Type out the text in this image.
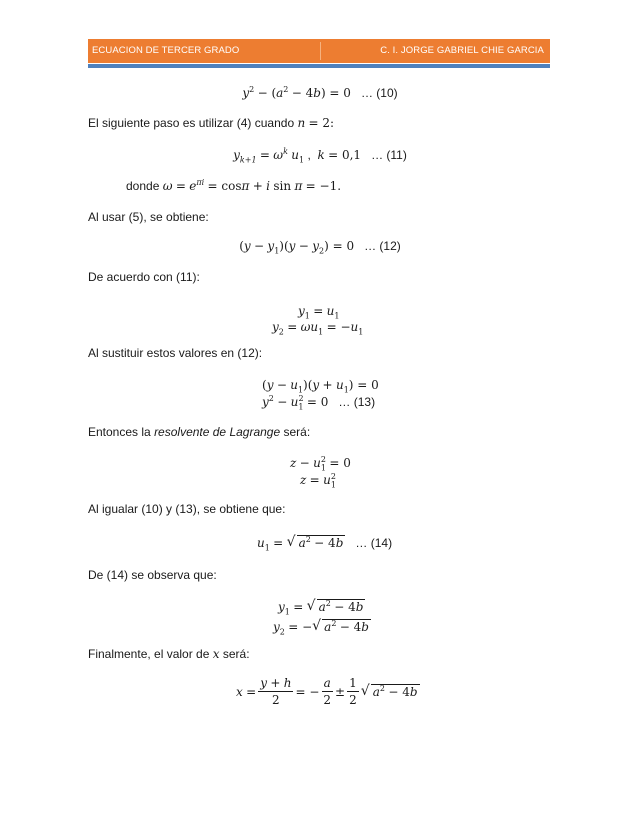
ECUACION DE TERCER GRADO	C. I. JORGE GABRIEL CHIE GARCIA
$y^2 - (a^2 - 4b) = 0$ … (10)
El siguiente paso es utilizar (4) cuando n = 2:
$y_{k+1} = \omega^k$ $u_1$ ,  k = 0,1 … (11)
donde $\omega = e^{\pi i} = \cos\pi + i$ sin π = −1.
Al usar (5), se obtiene:
$(y - y_1)(y - y_2) = 0$ … (12)
De acuerdo con (11):
$y_1 = u_1$
$y_2 = \omega u_1 = -u_1$
Al sustituir estos valores en (12):
$(y - u_1)(y + u_1) = 0$
$y^2 - u_1^2 = 0$ … (13)
Entonces la resolvente de Lagrange será:
$z - u_1^2 = 0$
$z = u_1^2$
Al igualar (10) y (13), se obtiene que:
$u_1$ = √ $a^2 - 4b$ … (14)
De (14) se observa que:
$y_1$ = √ $a^2 - 4b$
$y_2$ = − √ $a^2 - 4b$
Finalmente, el valor de x será:
x
= $\frac{y + h}{2}$ = − $\frac{a}{2} \pm \frac{1}{2}$	√ $a^2 - 4b$
